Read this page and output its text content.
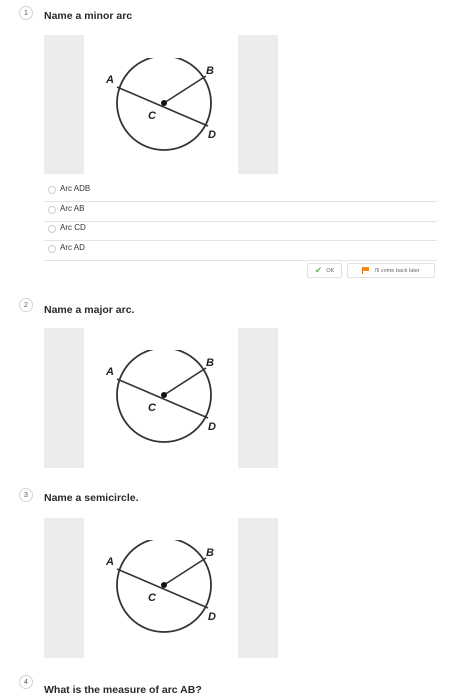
1	Name a minor arc
A
B
C
D
Arc ADB
Arc AB
Arc CD
Arc AD
✔ OK	I'll come back later
2	Name a major arc.
A
B
C
D
3	Name a semicircle.
A
B
C
D
4
What is the measure of arc AB?
